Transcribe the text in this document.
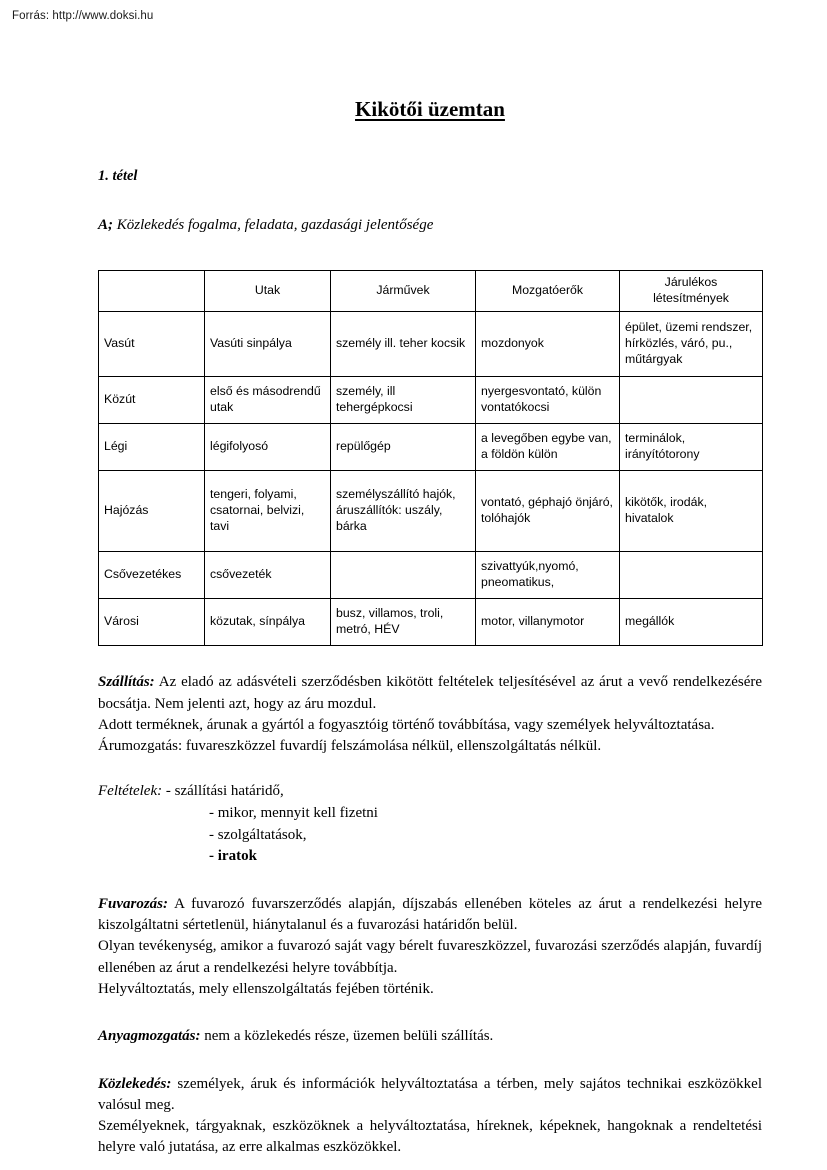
Forrás: http://www.doksi.hu
Kikötői üzemtan
1. tétel
A; Közlekedés fogalma, feladata, gazdasági jelentősége
	Utak	Járművek	Mozgatóerők	Járulékos
létesítmények
Vasút	Vasúti sinpálya	személy ill. teher kocsik	mozdonyok	épület, üzemi rendszer, hírközlés, váró, pu., műtárgyak
Közút	első és másodrendű utak	személy, ill tehergépkocsi	nyergesvontató, külön vontatókocsi	
Légi	légifolyosó	repülőgép	a levegőben egybe van, a földön külön	terminálok, irányítótorony
Hajózás	tengeri, folyami, csatornai, belvizi, tavi	személyszállító hajók, áruszállítók: uszály, bárka	vontató, géphajó önjáró, tolóhajók	kikötők, irodák, hivatalok
Csővezetékes	csővezeték		szivattyúk,nyomó, pneomatikus,	
Városi	közutak, sínpálya	busz, villamos, troli, metró, HÉV	motor, villanymotor	megállók

Szállítás: Az eladó az adásvételi szerződésben kikötött feltételek teljesítésével az árut a vevő rendelkezésére bocsátja. Nem jelenti azt, hogy az áru mozdul.

Adott terméknek, árunak a gyártól a fogyasztóig történő továbbítása, vagy személyek helyváltoztatása.

Árumozgatás: fuvareszközzel fuvardíj felszámolása nélkül, ellenszolgáltatás nélkül.

Feltételek: - szállítási határidő,
- mikor, mennyit kell fizetni
- szolgáltatások,
- iratok

Fuvarozás: A fuvarozó fuvarszerződés alapján, díjszabás ellenében köteles az árut a rendelkezési helyre kiszolgáltatni sértetlenül, hiánytalanul és a fuvarozási határidőn belül.

Olyan tevékenység, amikor a fuvarozó saját vagy bérelt fuvareszközzel, fuvarozási szerződés alapján, fuvardíj ellenében az árut a rendelkezési helyre továbbítja.

Helyváltoztatás, mely ellenszolgáltatás fejében történik.

Anyagmozgatás: nem a közlekedés része, üzemen belüli szállítás.

Közlekedés: személyek, áruk és információk helyváltoztatása a térben, mely sajátos technikai eszközökkel valósul meg.

Személyeknek, tárgyaknak, eszközöknek a helyváltoztatása, híreknek, képeknek, hangoknak a rendeltetési helyre való jutatása, az erre alkalmas eszközökkel.
